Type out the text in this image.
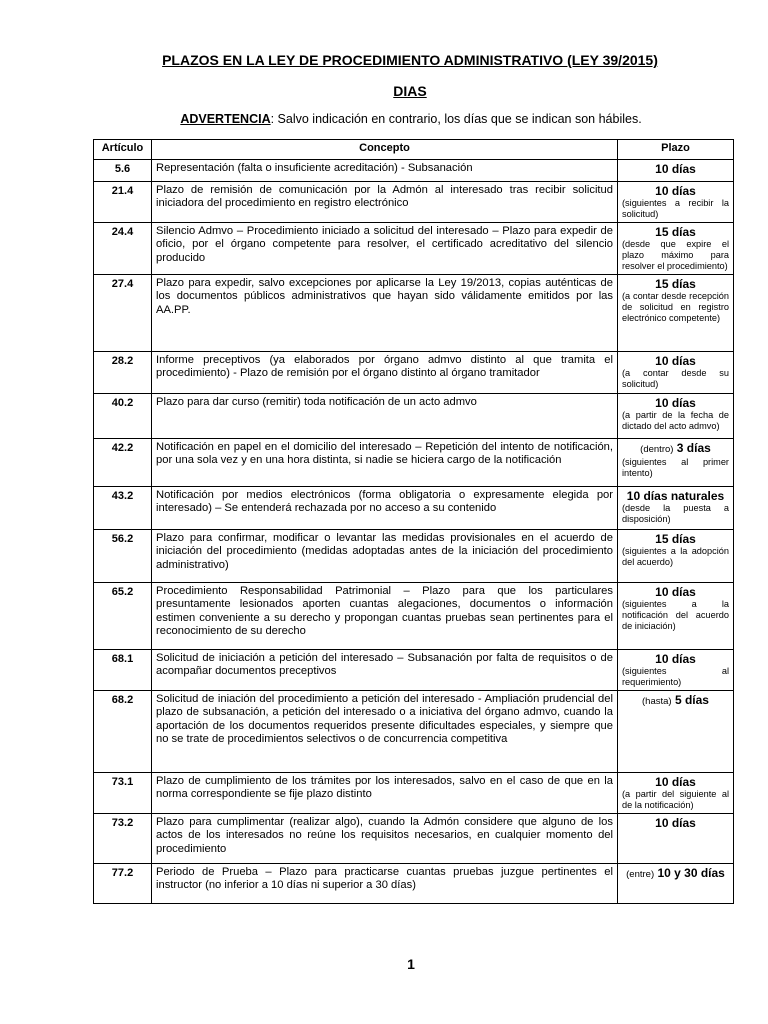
PLAZOS EN LA LEY DE PROCEDIMIENTO ADMINISTRATIVO (LEY 39/2015)
DIAS
ADVERTENCIA: Salvo indicación en contrario, los días que se indican son hábiles.
Artículo	Concepto	Plazo
5.6	Representación (falta o insuficiente acreditación) - Subsanación	10 días

21.4	Plazo de remisión de comunicación por la Admón al interesado tras recibir solicitud iniciadora del procedimiento en registro electrónico	10 días
(siguientes a recibir la solicitud)

24.4	Silencio Admvo – Procedimiento iniciado a solicitud del interesado – Plazo para expedir de oficio, por el órgano competente para resolver, el certificado acreditativo del silencio producido	15 días
(desde que expire el plazo máximo para resolver el procedimiento)

27.4	Plazo para expedir, salvo excepciones por aplicarse la Ley 19/2013, copias auténticas de los documentos públicos administrativos que hayan sido válidamente emitidos por las AA.PP.	15 días
(a contar desde recepción de solicitud en registro electrónico competente)

28.2	Informe preceptivos (ya elaborados por órgano admvo distinto al que tramita el procedimiento) - Plazo de remisión por el órgano distinto al órgano tramitador	10 días
(a contar desde su solicitud)

40.2	Plazo para dar curso (remitir) toda notificación de un acto admvo	10 días
(a partir de la fecha de dictado del acto admvo)

42.2	Notificación en papel en el domicilio del interesado – Repetición del intento de notificación, por una sola vez y en una hora distinta, si nadie se hiciera cargo de la notificación	(dentro) 3 días
(siguientes al primer intento)

43.2	Notificación por medios electrónicos (forma obligatoria o expresamente elegida por interesado) – Se entenderá rechazada por no acceso a su contenido	10 días naturales
(desde la puesta a disposición)

56.2	Plazo para confirmar, modificar o levantar las medidas provisionales en el acuerdo de iniciación del procedimiento (medidas adoptadas antes de la iniciación del procedimiento administrativo)	15 días
(siguientes a la adopción del acuerdo)

65.2	Procedimiento Responsabilidad Patrimonial – Plazo para que los particulares presuntamente lesionados aporten cuantas alegaciones, documentos o información estimen conveniente a su derecho y propongan cuantas pruebas sean pertinentes para el reconocimiento de su derecho	10 días
(siguientes a la notificación del acuerdo de iniciación)

68.1	Solicitud de iniciación a petición del interesado – Subsanación por falta de requisitos o de acompañar documentos preceptivos	10 días
(siguientes al requerimiento)

68.2	Solicitud de iniación del procedimiento a petición del interesado - Ampliación prudencial del plazo de subsanación, a petición del interesado o a iniciativa del órgano admvo, cuando la aportación de los documentos requeridos presente dificultades especiales, y siempre que no se trate de procedimientos selectivos o de concurrencia competitiva	(hasta) 5 días

73.1	Plazo de cumplimiento de los trámites por los interesados, salvo en el caso de que en la norma correspondiente se fije plazo distinto	10 días
(a partir del siguiente al de la notificación)

73.2	Plazo para cumplimentar (realizar algo), cuando la Admón considere que alguno de los actos de los interesados no reúne los requisitos necesarios, en cualquier momento del procedimiento	10 días

77.2	Periodo de Prueba – Plazo para practicarse cuantas pruebas juzgue pertinentes el instructor (no inferior a 10 días ni superior a 30 días)	(entre) 10 y 30 días
1
